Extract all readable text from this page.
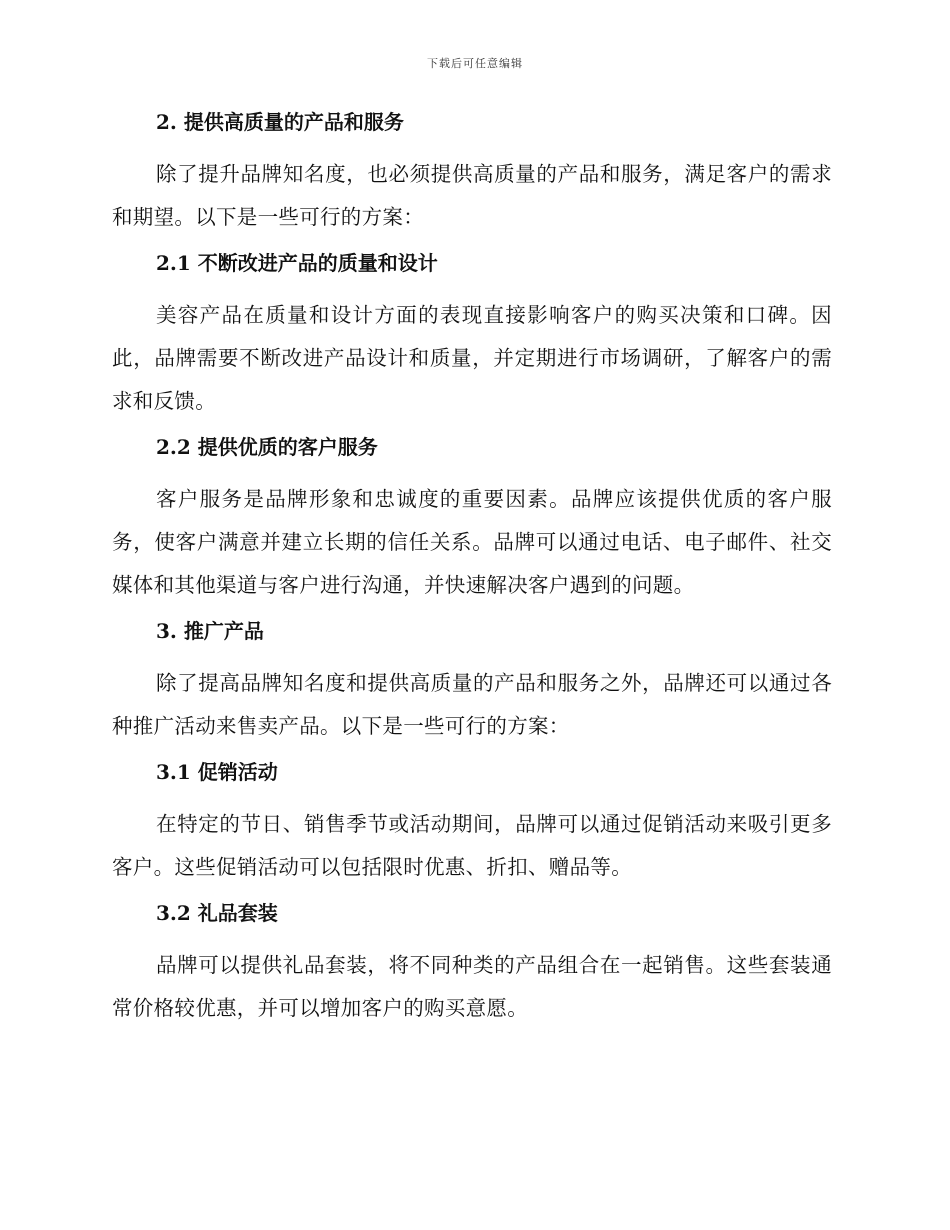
下载后可任意编辑
2. 提供高质量的产品和服务

除了提升品牌知名度，也必须提供高质量的产品和服务，满足客户的需求和期望。以下是一些可行的方案：

2.1 不断改进产品的质量和设计

美容产品在质量和设计方面的表现直接影响客户的购买决策和口碑。因此，品牌需要不断改进产品设计和质量，并定期进行市场调研，了解客户的需求和反馈。

2.2 提供优质的客户服务

客户服务是品牌形象和忠诚度的重要因素。品牌应该提供优质的客户服务，使客户满意并建立长期的信任关系。品牌可以通过电话、电子邮件、社交媒体和其他渠道与客户进行沟通，并快速解决客户遇到的问题。

3. 推广产品

除了提高品牌知名度和提供高质量的产品和服务之外，品牌还可以通过各种推广活动来售卖产品。以下是一些可行的方案：

3.1 促销活动

在特定的节日、销售季节或活动期间，品牌可以通过促销活动来吸引更多客户。这些促销活动可以包括限时优惠、折扣、赠品等。

3.2 礼品套装

品牌可以提供礼品套装，将不同种类的产品组合在一起销售。这些套装通常价格较优惠，并可以增加客户的购买意愿。
